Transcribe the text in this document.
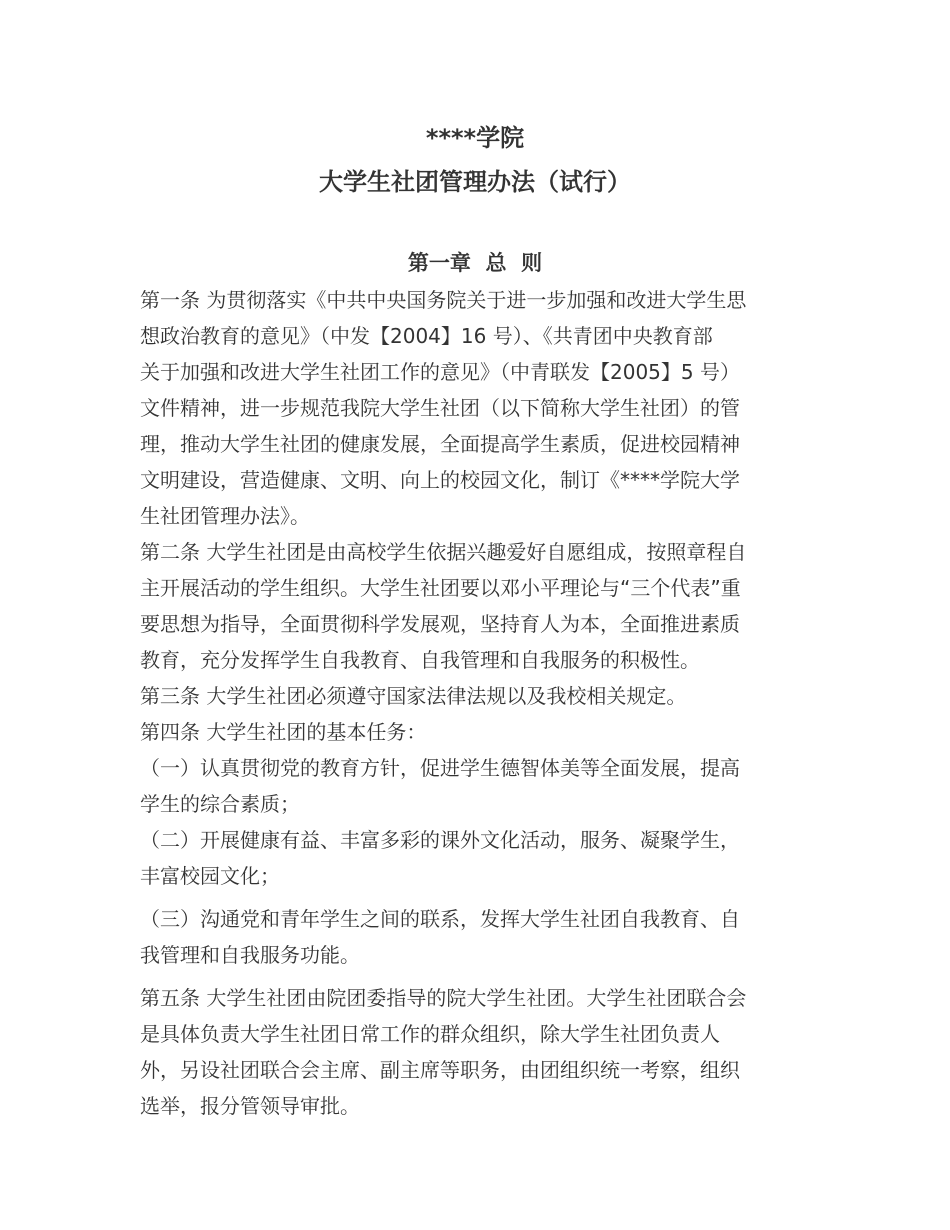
****学院
大学生社团管理办法（试行）
第一章  总  则
第一条 为贯彻落实《中共中央国务院关于进一步加强和改进大学生思
想政治教育的意见》（中发【2004】16 号）、《共青团中央教育部
关于加强和改进大学生社团工作的意见》（中青联发【2005】5 号）
文件精神，进一步规范我院大学生社团（以下简称大学生社团）的管
理，推动大学生社团的健康发展，全面提高学生素质，促进校园精神
文明建设，营造健康、文明、向上的校园文化，制订《****学院大学
生社团管理办法》。
第二条 大学生社团是由高校学生依据兴趣爱好自愿组成，按照章程自
主开展活动的学生组织。大学生社团要以邓小平理论与“三个代表”重
要思想为指导，全面贯彻科学发展观，坚持育人为本，全面推进素质
教育，充分发挥学生自我教育、自我管理和自我服务的积极性。
第三条 大学生社团必须遵守国家法律法规以及我校相关规定。
第四条 大学生社团的基本任务：
（一）认真贯彻党的教育方针，促进学生德智体美等全面发展，提高
学生的综合素质；
（二）开展健康有益、丰富多彩的课外文化活动，服务、凝聚学生，
丰富校园文化；
（三）沟通党和青年学生之间的联系，发挥大学生社团自我教育、自
我管理和自我服务功能。
第五条 大学生社团由院团委指导的院大学生社团。大学生社团联合会
是具体负责大学生社团日常工作的群众组织，除大学生社团负责人
外，另设社团联合会主席、副主席等职务，由团组织统一考察，组织
选举，报分管领导审批。
